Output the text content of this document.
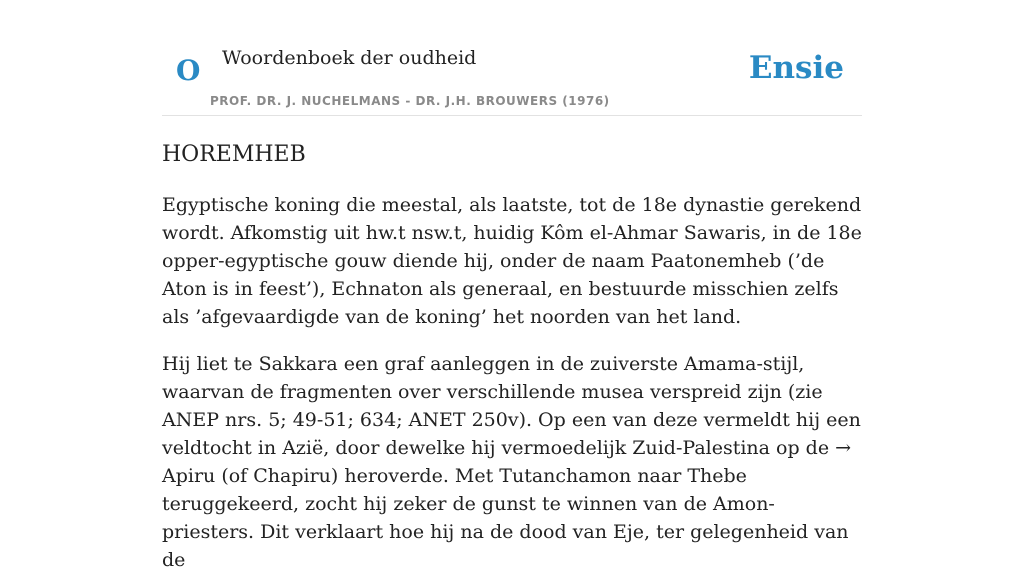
O Woordenboek der oudheid
PROF. DR. J. NUCHELMANS - DR. J.H. BROUWERS (1976)
Ensie
HOREMHEB

Egyptische koning die meestal, als laatste, tot de 18e dynastie gerekend wordt. Afkomstig uit hw.t nsw.t, huidig Kôm el-Ahmar Sawaris, in de 18e opper-egyptische gouw diende hij, onder de naam Paatonemheb (’de Aton is in feest’), Echnaton als generaal, en bestuurde misschien zelfs als ’afgevaardigde van de koning’ het noorden van het land.

Hij liet te Sakkara een graf aanleggen in de zuiverste Amama-stijl, waarvan de fragmenten over verschillende musea verspreid zijn (zie ANEP nrs. 5; 49-51; 634; ANET 250v). Op een van deze vermeldt hij een veldtocht in Azië, door dewelke hij vermoedelijk Zuid-Palestina op de → Apiru (of Chapiru) heroverde. Met Tutanchamon naar Thebe teruggekeerd, zocht hij zeker de gunst te winnen van de Amon-priesters. Dit verklaart hoe hij na de dood van Eje, ter gelegenheid van de
